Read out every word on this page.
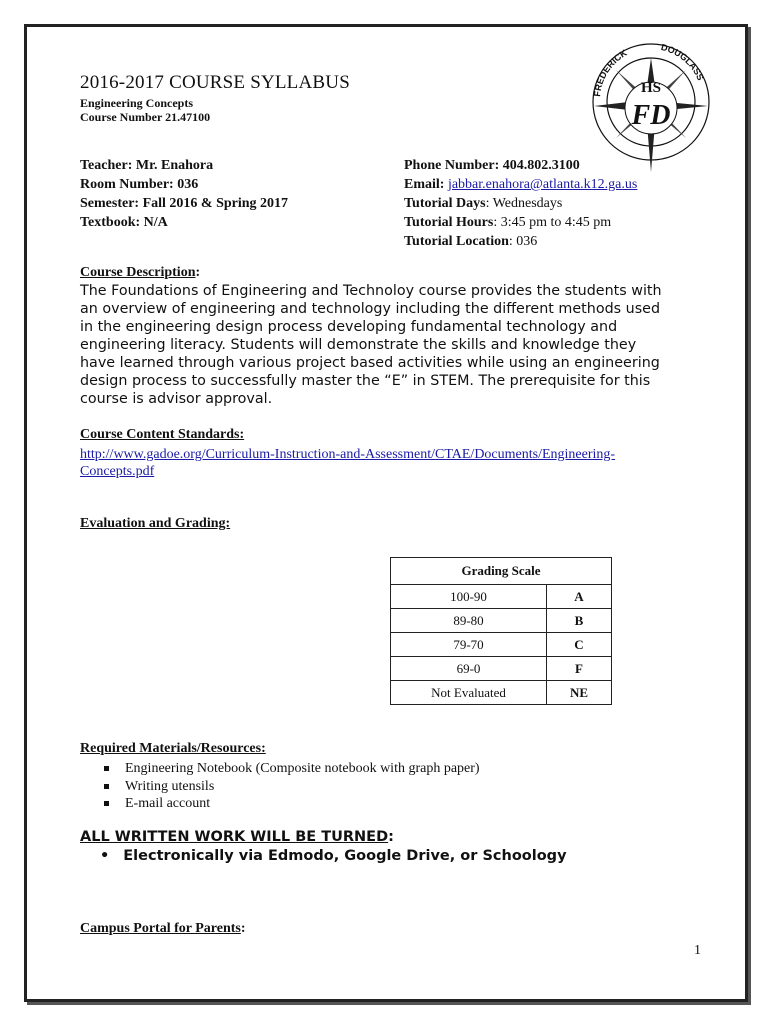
2016-2017 COURSE SYLLABUS
Engineering Concepts
Course Number 21.47100
FREDERICK
DOUGLASS
HS
FD
Teacher: Mr. Enahora
Room Number: 036
Semester: Fall 2016 & Spring 2017
Textbook: N/A
Phone Number: 404.802.3100
Email: jabbar.enahora@atlanta.k12.ga.us
Tutorial Days: Wednesdays
Tutorial Hours: 3:45 pm to 4:45 pm
Tutorial Location: 036
Course Description:
The Foundations of Engineering and Technoloy course provides the students with
an overview of engineering and technology including the different methods used
in the engineering design process developing fundamental technology and
engineering literacy. Students will demonstrate the skills and knowledge they
have learned through various project based activities while using an engineering
design process to successfully master the “E” in STEM. The prerequisite for this
course is advisor approval.
Course Content Standards:
http://www.gadoe.org/Curriculum-Instruction-and-Assessment/CTAE/Documents/Engineering-
Concepts.pdf
Evaluation and Grading:
Grading Scale	
100-90	A
89-80	B
79-70	C
69-0	F
Not Evaluated	NE
Required Materials/Resources:
Engineering Notebook (Composite notebook with graph paper)
Writing utensils
E-mail account
ALL WRITTEN WORK WILL BE TURNED:
• Electronically via Edmodo, Google Drive, or Schoology
Campus Portal for Parents:
1
